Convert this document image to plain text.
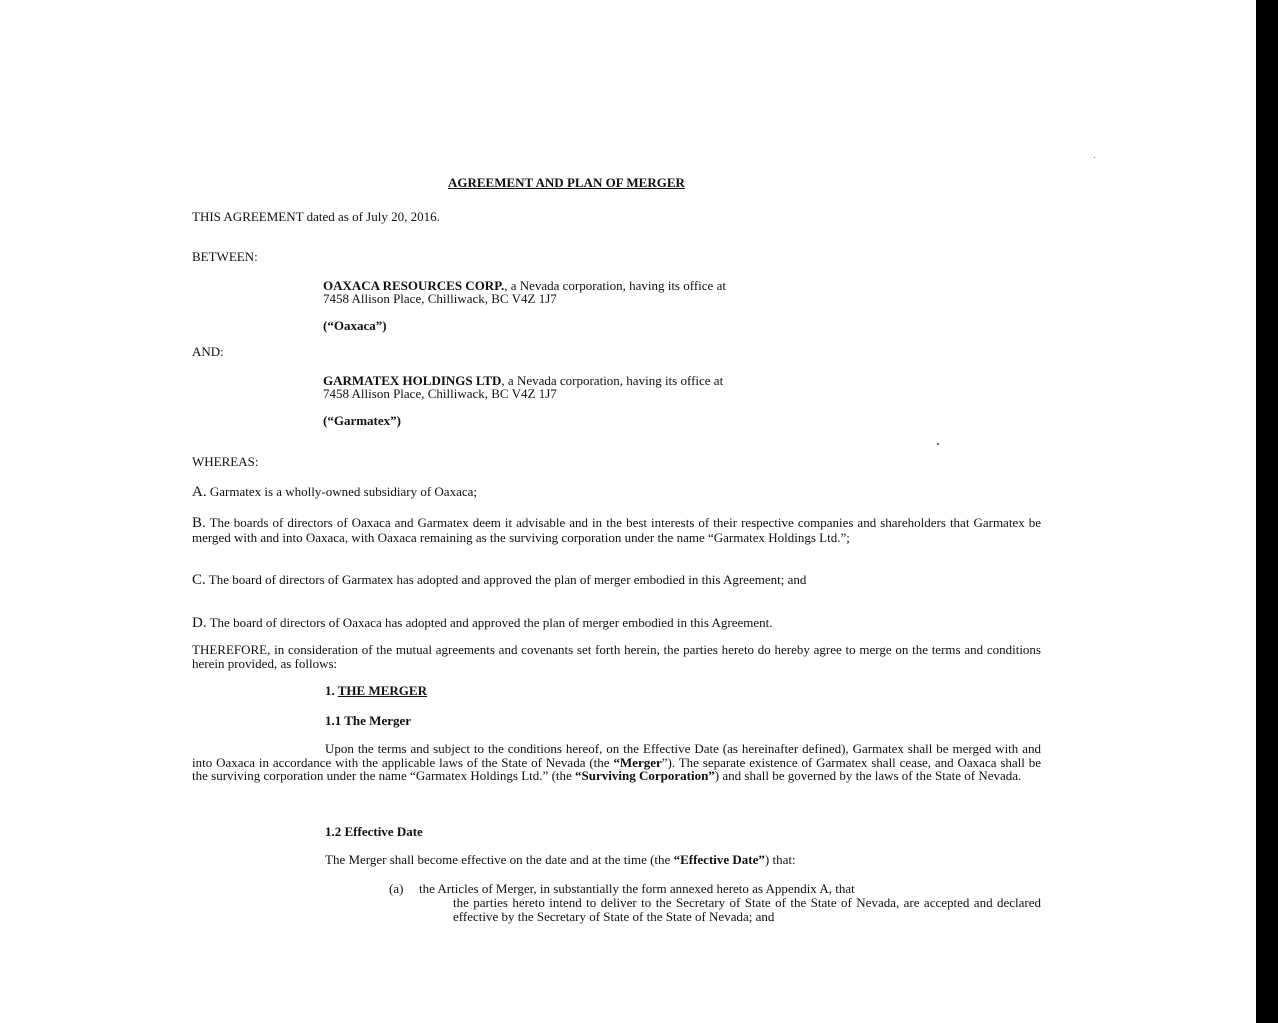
AGREEMENT AND PLAN OF MERGER
THIS AGREEMENT dated as of July 20, 2016.
BETWEEN:
OAXACA RESOURCES CORP., a Nevada corporation, having its office at
7458 Allison Place, Chilliwack, BC V4Z 1J7
(“Oaxaca”)
AND:
GARMATEX HOLDINGS LTD, a Nevada corporation, having its office at
7458 Allison Place, Chilliwack, BC V4Z 1J7
(“Garmatex”)
WHEREAS:
A. Garmatex is a wholly-owned subsidiary of Oaxaca;
B. The boards of directors of Oaxaca and Garmatex deem it advisable and in the best interests of their respective companies and shareholders that Garmatex be merged with and into Oaxaca, with Oaxaca remaining as the surviving corporation under the name “Garmatex Holdings Ltd.”;
C. The board of directors of Garmatex has adopted and approved the plan of merger embodied in this Agreement; and
D. The board of directors of Oaxaca has adopted and approved the plan of merger embodied in this Agreement.
THEREFORE, in consideration of the mutual agreements and covenants set forth herein, the parties hereto do hereby agree to merge on the terms and conditions herein provided, as follows:
1. THE MERGER
1.1 The Merger
Upon the terms and subject to the conditions hereof, on the Effective Date (as hereinafter defined), Garmatex shall be merged with and into Oaxaca in accordance with the applicable laws of the State of Nevada (the “Merger”). The separate existence of Garmatex shall cease, and Oaxaca shall be the surviving corporation under the name “Garmatex Holdings Ltd.” (the “Surviving Corporation”) and shall be governed by the laws of the State of Nevada.
1.2 Effective Date
The Merger shall become effective on the date and at the time (the “Effective Date”) that:
(a) the Articles of Merger, in substantially the form annexed hereto as Appendix A, that
the parties hereto intend to deliver to the Secretary of State of the State of Nevada, are accepted and declared effective by the Secretary of State of the State of Nevada; and
